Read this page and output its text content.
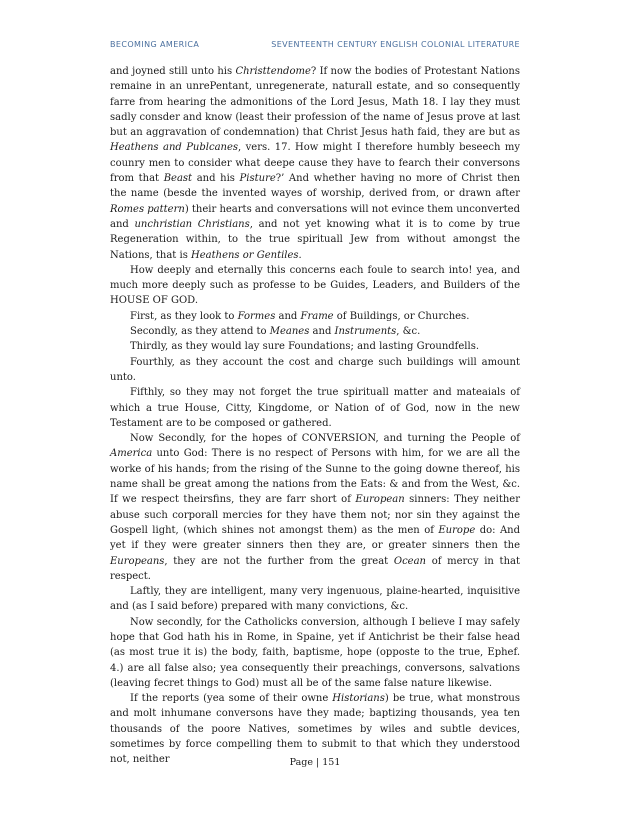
BECOMING AMERICA	SEVENTEENTH CENTURY ENGLISH COLONIAL LITERATURE

and joyned still unto his Christtendome? If now the bodies of Protestant Nations remaine in an unrePentant, unregenerate, naturall estate, and so consequently farre from hearing the admonitions of the Lord Jesus, Math 18. I lay they must sadly consder and know (least their profession of the name of Jesus prove at last but an aggravation of condemnation) that Christ Jesus hath faid, they are but as Heathens and Publcanes, vers. 17. How might I therefore humbly beseech my counry men to consider what deepe cause they have to fearch their conversons from that Beast and his Pisture?’ And whether having no more of Christ then the name (besde the invented wayes of worship, derived from, or drawn after Romes pattern) their hearts and conversations will not evince them unconverted and unchristian Christians, and not yet knowing what it is to come by true Regeneration within, to the true spirituall Jew from without amongst the Nations, that is Heathens or Gentiles.

How deeply and eternally this concerns each foule to search into! yea, and much more deeply such as professe to be Guides, Leaders, and Builders of the HOUSE OF GOD.

First, as they look to Formes and Frame of Buildings, or Churches.

Secondly, as they attend to Meanes and Instruments, &c.

Thirdly, as they would lay sure Foundations; and lasting Groundfells.

Fourthly, as they account the cost and charge such buildings will amount unto.

Fifthly, so they may not forget the true spirituall matter and mateaials of which a true House, Citty, Kingdome, or Nation of of God, now in the new Testament are to be composed or gathered.

Now Secondly, for the hopes of CONVERSION, and turning the People of America unto God: There is no respect of Persons with him, for we are all the worke of his hands; from the rising of the Sunne to the going downe thereof, his name shall be great among the nations from the Eats: & and from the West, &c. If we respect theirsfins, they are farr short of European sinners: They neither abuse such corporall mercies for they have them not; nor sin they against the Gospell light, (which shines not amongst them) as the men of Europe do: And yet if they were greater sinners then they are, or greater sinners then the Europeans, they are not the further from the great Ocean of mercy in that respect.

Laftly, they are intelligent, many very ingenuous, plaine-hearted, inquisitive and (as I said before) prepared with many convictions, &c.

Now secondly, for the Catholicks conversion, although I believe I may safely hope that God hath his in Rome, in Spaine, yet if Antichrist be their false head (as most true it is) the body, faith, baptisme, hope (opposte to the true, Ephef. 4.) are all false also; yea consequently their preachings, conversons, salvations (leaving fecret things to God) must all be of the same false nature likewise.

If the reports (yea some of their owne Historians) be true, what monstrous and molt inhumane conversons have they made; baptizing thousands, yea ten thousands of the poore Natives, sometimes by wiles and subtle devices, sometimes by force compelling them to submit to that which they understood not, neither	Page | 151
